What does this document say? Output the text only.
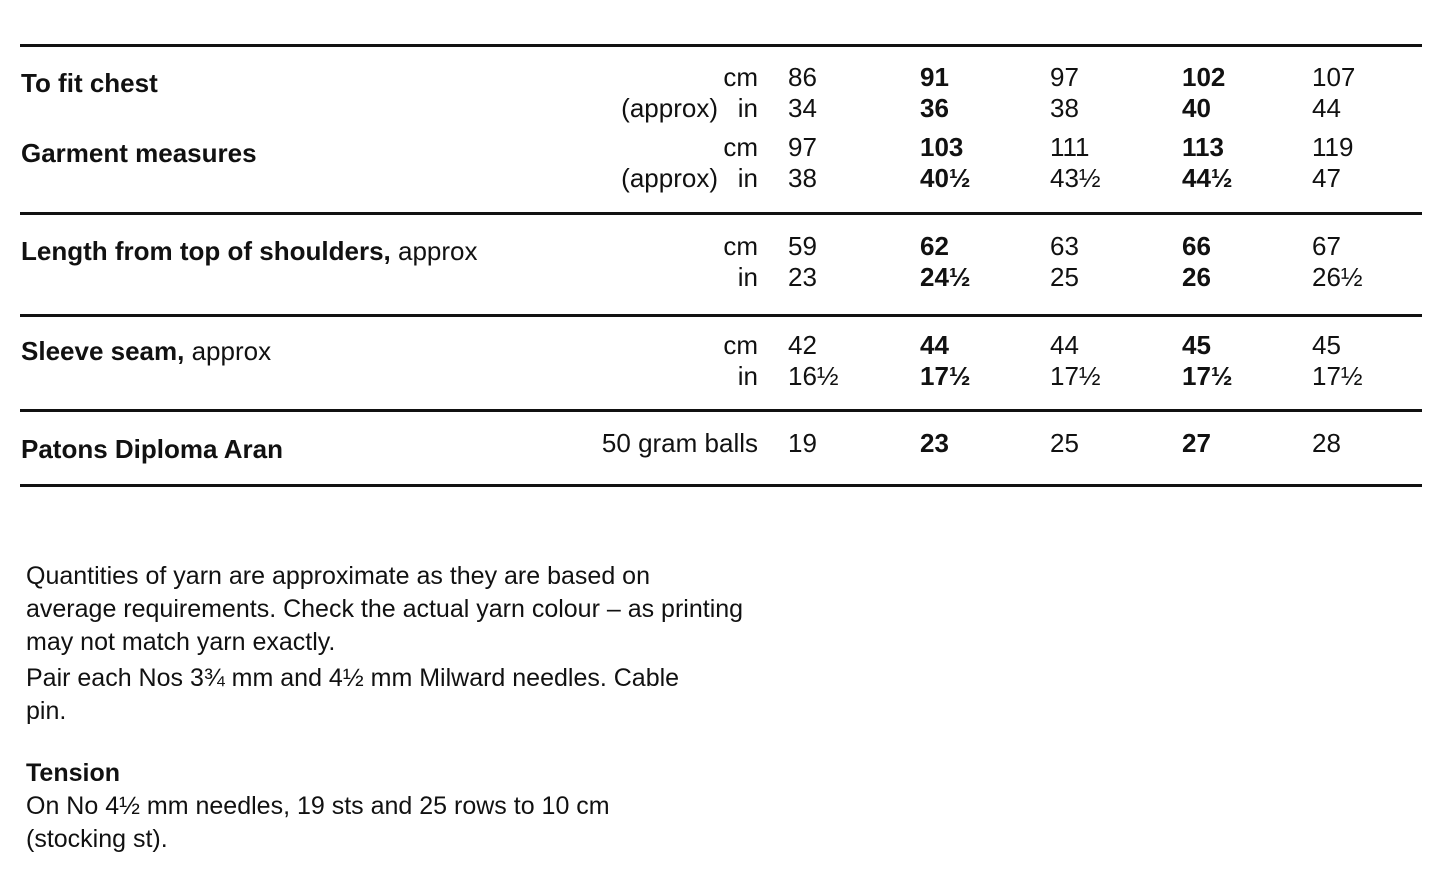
To fit chest	cm 86	91	97	102	107
(approx) in 34	36	38	40	44
Garment measures	cm 97	103	111	113	119
(approx) in 38	40½	43½	44½	47
Length from top of shoulders, approx	cm 59	62	63	66	67
in 23	24½	25	26	26½
Sleeve seam, approx	cm 42	44	44	45	45
in 16½	17½	17½	17½	17½
Patons Diploma Aran	50 gram balls 19	23	25	27	28

Quantities of yarn are approximate as they are based on average requirements. Check the actual yarn colour – as printing may not match yarn exactly.

Pair each Nos 3¾ mm and 4½ mm Milward needles. Cable pin.

Tension

On No 4½ mm needles, 19 sts and 25 rows to 10 cm (stocking st).
